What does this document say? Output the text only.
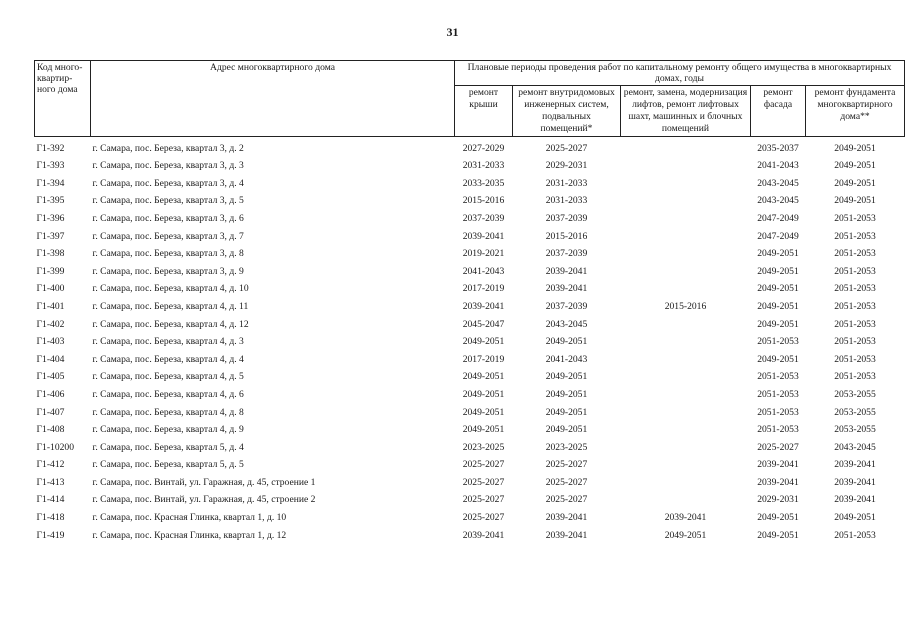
31
Код много-квартир-ного дома	Адрес многоквартирного дома	Плановые периоды проведения работ по капитальному ремонту общего имущества в многоквартирных домах, годы				
		ремонт крыши	ремонт внутридомовых инженерных систем, подвальных помещений*	ремонт, замена, модернизация лифтов, ремонт лифтовых шахт, машинных и блочных помещений	ремонт фасада	ремонт фундамента многоквартирного дома**
Г1-392	г. Самара, пос. Береза, квартал 3, д. 2	2027-2029	2025-2027		2035-2037	2049-2051
Г1-393	г. Самара, пос. Береза, квартал 3, д. 3	2031-2033	2029-2031		2041-2043	2049-2051
Г1-394	г. Самара, пос. Береза, квартал 3, д. 4	2033-2035	2031-2033		2043-2045	2049-2051
Г1-395	г. Самара, пос. Береза, квартал 3, д. 5	2015-2016	2031-2033		2043-2045	2049-2051
Г1-396	г. Самара, пос. Береза, квартал 3, д. 6	2037-2039	2037-2039		2047-2049	2051-2053
Г1-397	г. Самара, пос. Береза, квартал 3, д. 7	2039-2041	2015-2016		2047-2049	2051-2053
Г1-398	г. Самара, пос. Береза, квартал 3, д. 8	2019-2021	2037-2039		2049-2051	2051-2053
Г1-399	г. Самара, пос. Береза, квартал 3, д. 9	2041-2043	2039-2041		2049-2051	2051-2053
Г1-400	г. Самара, пос. Береза, квартал 4, д. 10	2017-2019	2039-2041		2049-2051	2051-2053
Г1-401	г. Самара, пос. Береза, квартал 4, д. 11	2039-2041	2037-2039	2015-2016	2049-2051	2051-2053
Г1-402	г. Самара, пос. Береза, квартал 4, д. 12	2045-2047	2043-2045		2049-2051	2051-2053
Г1-403	г. Самара, пос. Береза, квартал 4, д. 3	2049-2051	2049-2051		2051-2053	2051-2053
Г1-404	г. Самара, пос. Береза, квартал 4, д. 4	2017-2019	2041-2043		2049-2051	2051-2053
Г1-405	г. Самара, пос. Береза, квартал 4, д. 5	2049-2051	2049-2051		2051-2053	2051-2053
Г1-406	г. Самара, пос. Береза, квартал 4, д. 6	2049-2051	2049-2051		2051-2053	2053-2055
Г1-407	г. Самара, пос. Береза, квартал 4, д. 8	2049-2051	2049-2051		2051-2053	2053-2055
Г1-408	г. Самара, пос. Береза, квартал 4, д. 9	2049-2051	2049-2051		2051-2053	2053-2055
Г1-10200	г. Самара, пос. Береза, квартал 5, д. 4	2023-2025	2023-2025		2025-2027	2043-2045
Г1-412	г. Самара, пос. Береза, квартал 5, д. 5	2025-2027	2025-2027		2039-2041	2039-2041
Г1-413	г. Самара, пос. Винтай, ул. Гаражная, д. 45, строение 1	2025-2027	2025-2027		2039-2041	2039-2041
Г1-414	г. Самара, пос. Винтай, ул. Гаражная, д. 45, строение 2	2025-2027	2025-2027		2029-2031	2039-2041
Г1-418	г. Самара, пос. Красная Глинка, квартал 1, д. 10	2025-2027	2039-2041	2039-2041	2049-2051	2049-2051
Г1-419	г. Самара, пос. Красная Глинка, квартал 1, д. 12	2039-2041	2039-2041	2049-2051	2049-2051	2051-2053
